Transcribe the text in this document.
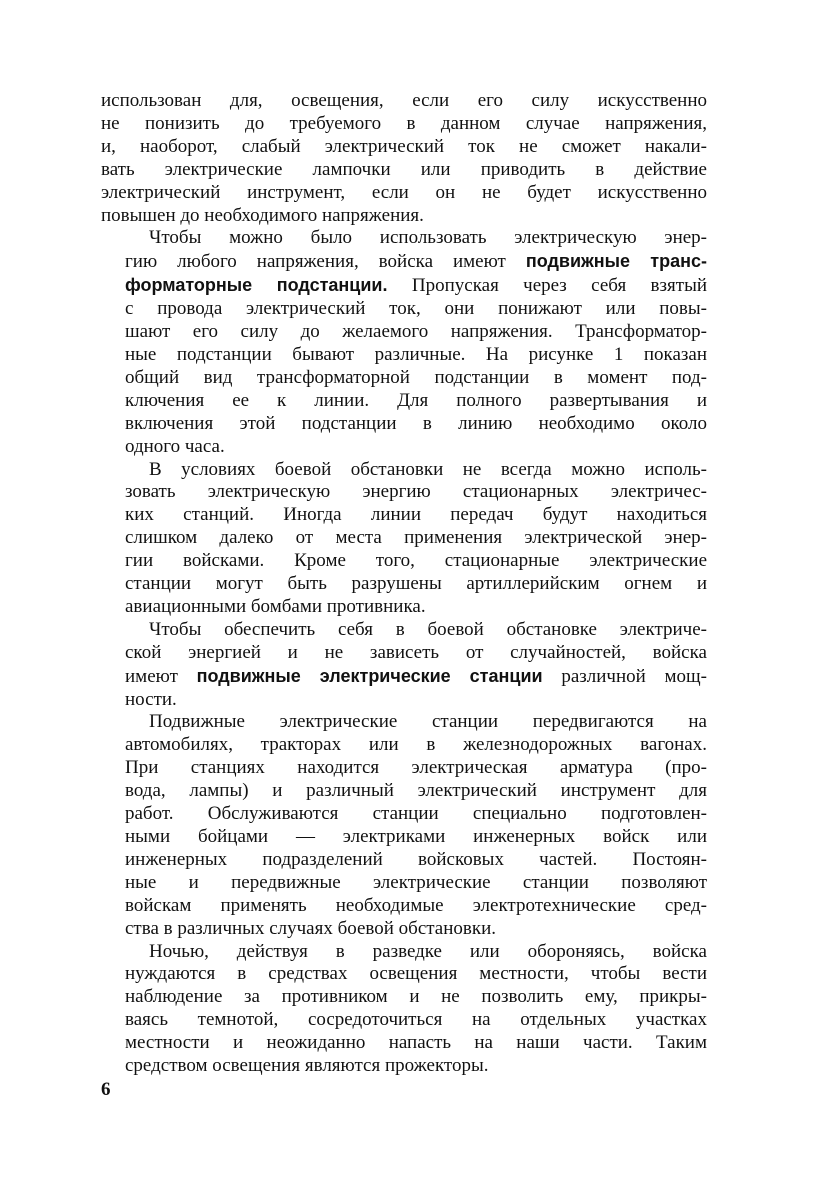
использован для, освещения, если его силу искусственно
не понизить до требуемого в данном случае напряжения,
и, наоборот, слабый электрический ток не сможет накали-
вать электрические лампочки или приводить в действие
электрический инструмент, если он не будет искусственно
повышен до необходимого напряжения.
Чтобы можно было использовать электрическую энер-
гию любого напряжения, войска имеют подвижные транс-
форматорные подстанции. Пропуская через себя взятый
с провода электрический ток, они понижают или повы-
шают его силу до желаемого напряжения. Трансформатор-
ные подстанции бывают различные. На рисунке 1 показан
общий вид трансформаторной подстанции в момент под-
ключения ее к линии. Для полного развертывания и
включения этой подстанции в линию необходимо около
одного часа.
В условиях боевой обстановки не всегда можно исполь-
зовать электрическую энергию стационарных электричес-
ких станций. Иногда линии передач будут находиться
слишком далеко от места применения электрической энер-
гии войсками. Кроме того, стационарные электрические
станции могут быть разрушены артиллерийским огнем и
авиационными бомбами противника.
Чтобы обеспечить себя в боевой обстановке электриче-
ской энергией и не зависеть от случайностей, войска
имеют подвижные электрические станции различной мощ-
ности.
Подвижные электрические станции передвигаются на
автомобилях, тракторах или в железнодорожных вагонах.
При станциях находится электрическая арматура (про-
вода, лампы) и различный электрический инструмент для
работ. Обслуживаются станции специально подготовлен-
ными бойцами — электриками инженерных войск или
инженерных подразделений войсковых частей. Постоян-
ные и передвижные электрические станции позволяют
войскам применять необходимые электротехнические сред-
ства в различных случаях боевой обстановки.
Ночью, действуя в разведке или обороняясь, войска
нуждаются в средствах освещения местности, чтобы вести
наблюдение за противником и не позволить ему, прикры-
ваясь темнотой, сосредоточиться на отдельных участках
местности и неожиданно напасть на наши части. Таким
средством освещения являются прожекторы.
6
